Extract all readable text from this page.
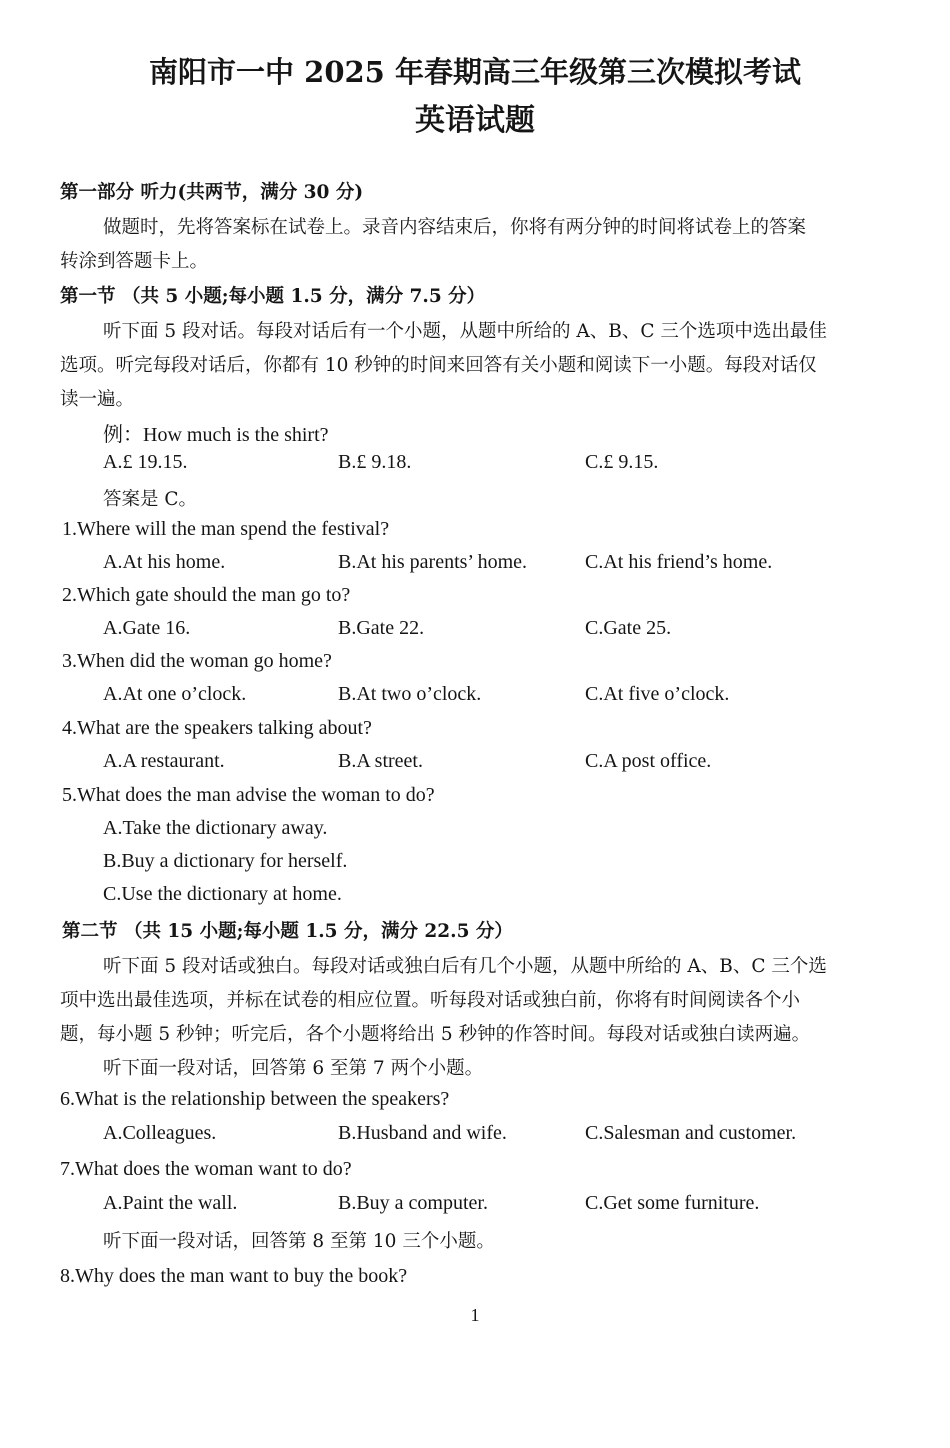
南阳市一中 2025 年春期高三年级第三次模拟考试
英语试题
第一部分 听力(共两节，满分 30 分)
做题时，先将答案标在试卷上。录音内容结束后，你将有两分钟的时间将试卷上的答案
转涂到答题卡上。
第一节 （共 5 小题;每小题 1.5 分，满分 7.5 分）
听下面 5 段对话。每段对话后有一个小题，从题中所给的 A、B、C 三个选项中选出最佳
选项。听完每段对话后，你都有 10 秒钟的时间来回答有关小题和阅读下一小题。每段对话仅
读一遍。
例：How much is the shirt?
A.£ 19.15.	B.£ 9.18.	C.£ 9.15.
答案是 C。
1.Where will the man spend the festival?
A.At his home.	B.At his parents’ home.	C.At his friend’s home.
2.Which gate should the man go to?
A.Gate 16.	B.Gate 22.	C.Gate 25.
3.When did the woman go home?
A.At one o’clock.	B.At two o’clock.	C.At five o’clock.
4.What are the speakers talking about?
A.A restaurant.	B.A street.	C.A post office.
5.What does the man advise the woman to do?
A.Take the dictionary away.
B.Buy a dictionary for herself.
C.Use the dictionary at home.
第二节 （共 15 小题;每小题 1.5 分，满分 22.5 分）
听下面 5 段对话或独白。每段对话或独白后有几个小题，从题中所给的 A、B、C 三个选
项中选出最佳选项，并标在试卷的相应位置。听每段对话或独白前，你将有时间阅读各个小
题，每小题 5 秒钟；听完后，各个小题将给出 5 秒钟的作答时间。每段对话或独白读两遍。
听下面一段对话，回答第 6 至第 7 两个小题。
6.What is the relationship between the speakers?
A.Colleagues.	B.Husband and wife.	C.Salesman and customer.
7.What does the woman want to do?
A.Paint the wall.	B.Buy a computer.	C.Get some furniture.
听下面一段对话，回答第 8 至第 10 三个小题。
8.Why does the man want to buy the book?
1
